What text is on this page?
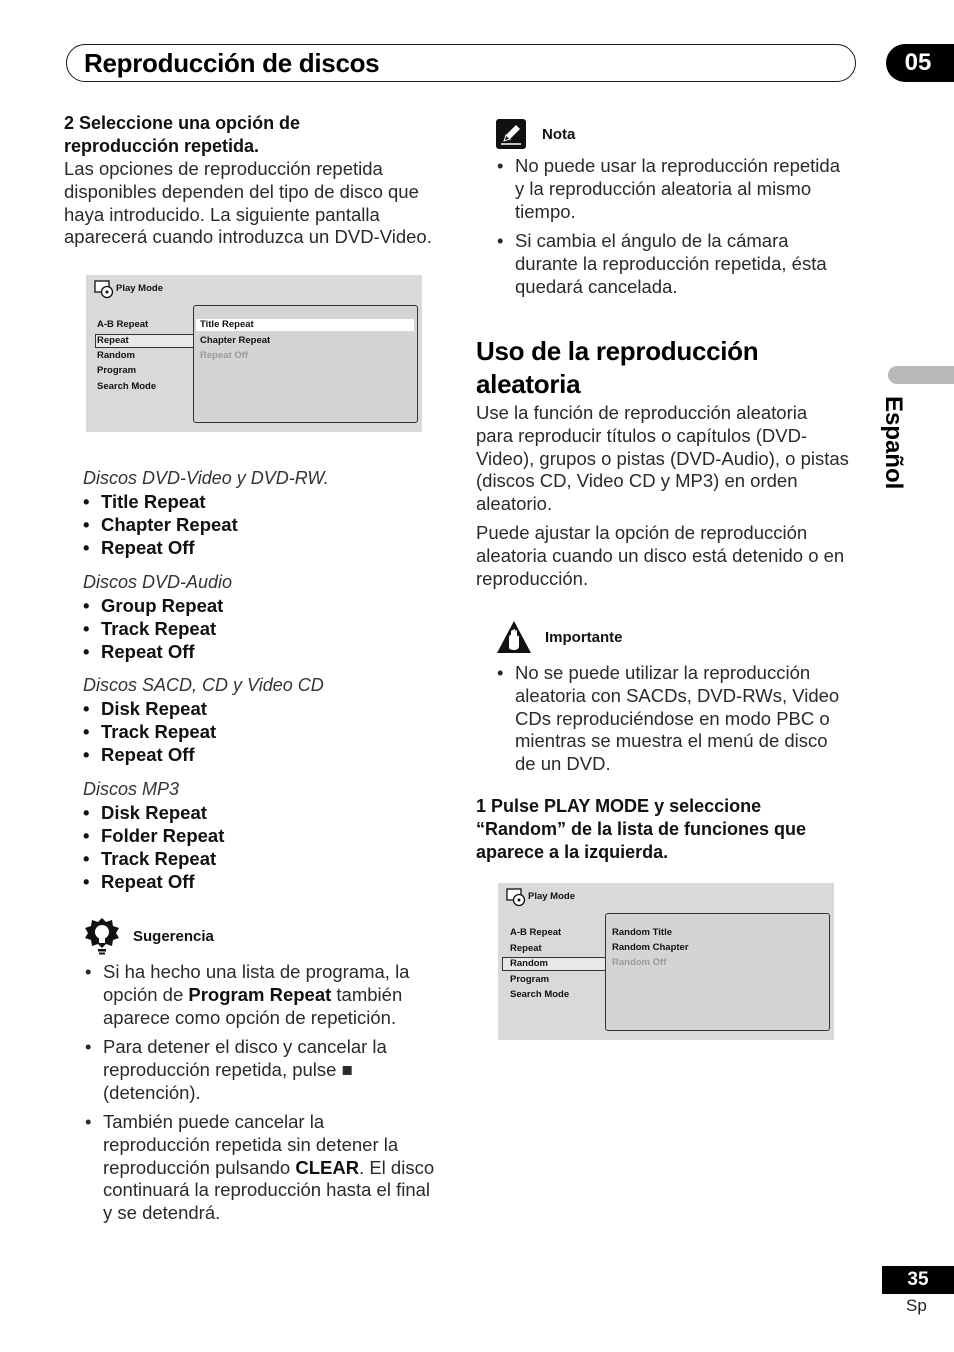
Reproducción de discos	05
Español
2 Seleccione una opción de
reproducción repetida.
Las opciones de reproducción repetida
disponibles dependen del tipo de disco que
haya introducido. La siguiente pantalla
aparecerá cuando introduzca un DVD-Video.
Play Mode
A-B Repeat
Repeat
Random
Program
Search Mode
Title Repeat
Chapter Repeat
Repeat Off
Discos DVD-Video y DVD-RW.
• Title Repeat
• Chapter Repeat
• Repeat Off
Discos DVD-Audio
• Group Repeat
• Track Repeat
• Repeat Off
Discos SACD, CD y Video CD
• Disk Repeat
• Track Repeat
• Repeat Off
Discos MP3
• Disk Repeat
• Folder Repeat
• Track Repeat
• Repeat Off
Sugerencia
• Si ha hecho una lista de programa, la
opción de Program Repeat también
aparece como opción de repetición.
• Para detener el disco y cancelar la
reproducción repetida, pulse ■
(detención).
• También puede cancelar la
reproducción repetida sin detener la
reproducción pulsando CLEAR. El disco
continuará la reproducción hasta el final
y se detendrá.
Nota
• No puede usar la reproducción repetida
y la reproducción aleatoria al mismo
tiempo.
• Si cambia el ángulo de la cámara
durante la reproducción repetida, ésta
quedará cancelada.
Uso de la reproducción
aleatoria
Use la función de reproducción aleatoria
para reproducir títulos o capítulos (DVD-
Video), grupos o pistas (DVD-Audio), o pistas
(discos CD, Video CD y MP3) en orden
aleatorio.
Puede ajustar la opción de reproducción
aleatoria cuando un disco está detenido o en
reproducción.
Importante
• No se puede utilizar la reproducción
aleatoria con SACDs, DVD-RWs, Video
CDs reproduciéndose en modo PBC o
mientras se muestra el menú de disco
de un DVD.
1 Pulse PLAY MODE y seleccione
“Random” de la lista de funciones que
aparece a la izquierda.
Play Mode
A-B Repeat
Repeat
Random
Program
Search Mode
Random Title
Random Chapter
Random Off
35
Sp
